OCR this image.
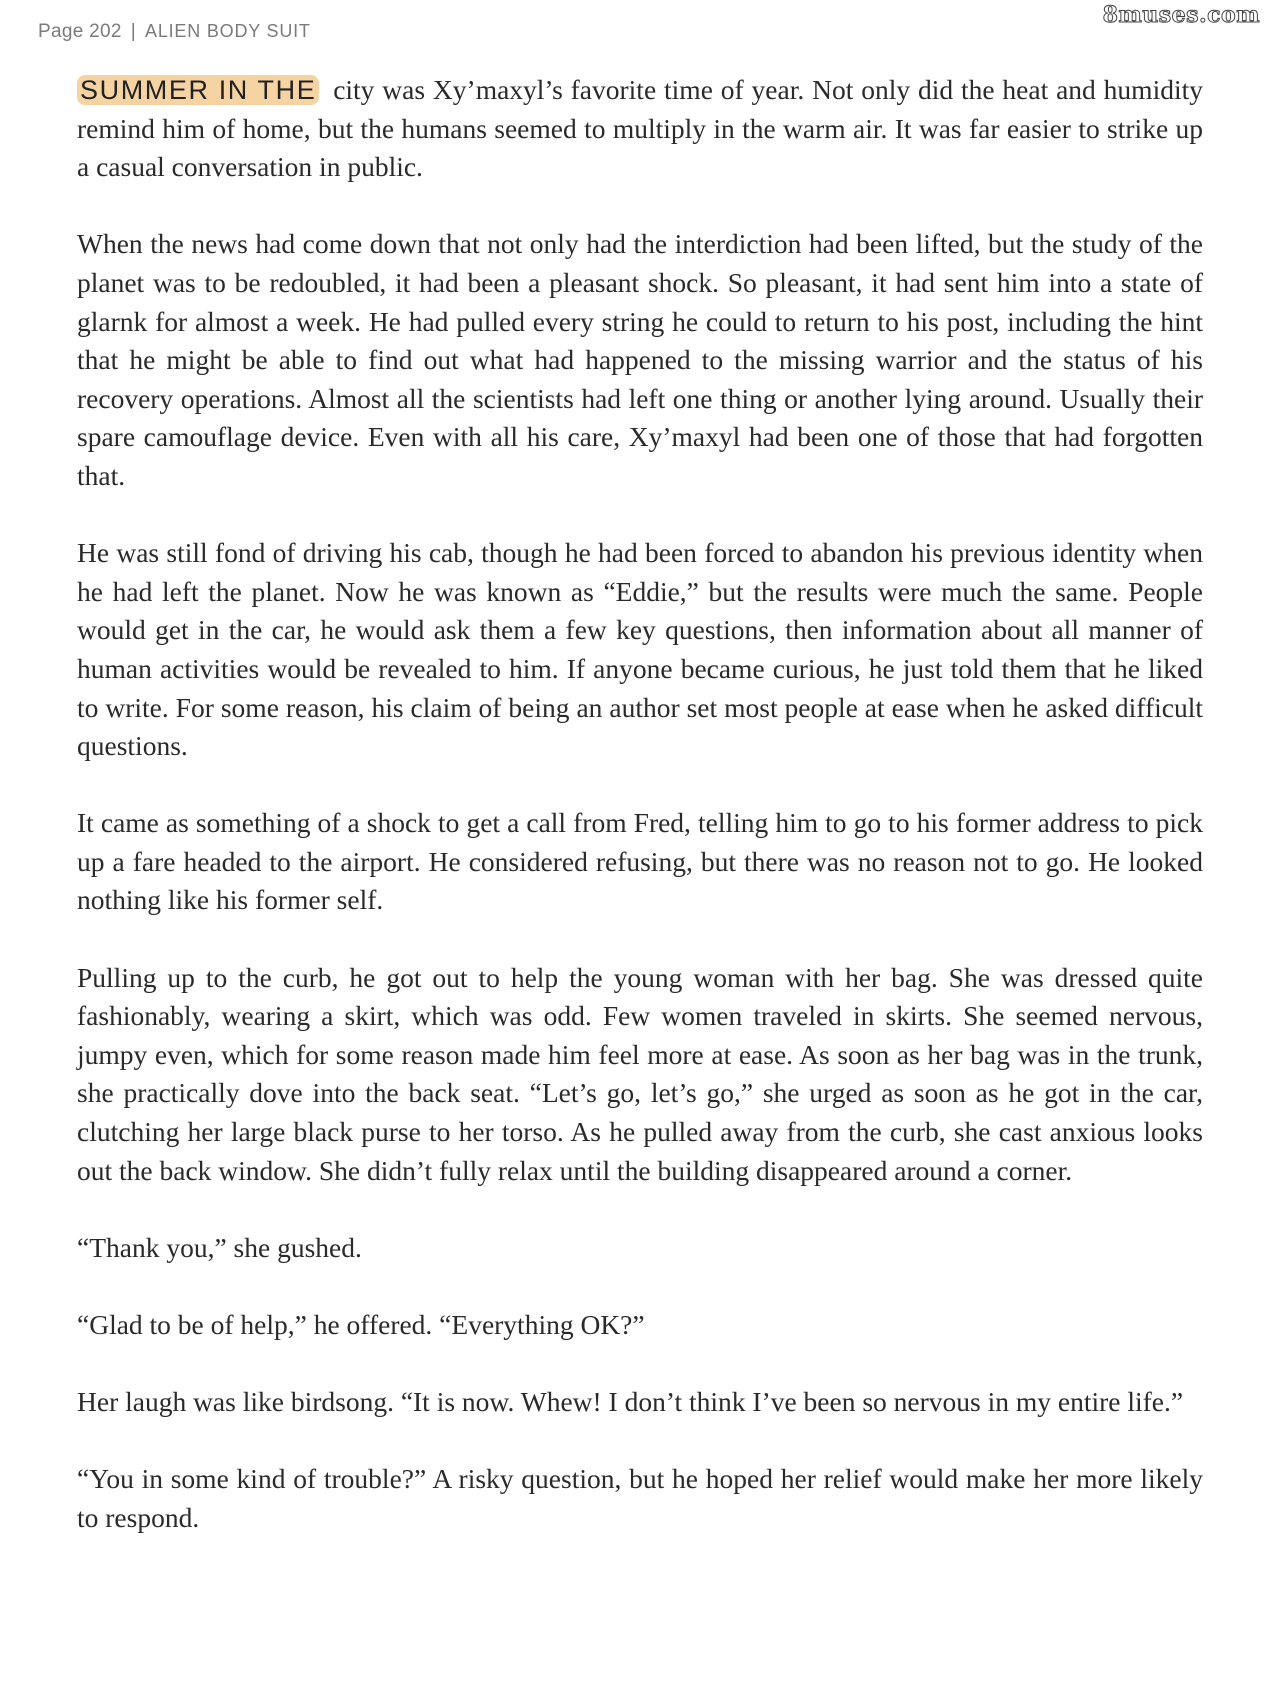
Page 202 | ALIEN BODY SUIT
8muses.com

SUMMER IN THE city was Xy’maxyl’s favorite time of year. Not only did the heat and humidity remind him of home, but the humans seemed to multiply in the warm air. It was far easier to strike up a casual conversation in public.

When the news had come down that not only had the interdiction had been lifted, but the study of the planet was to be redoubled, it had been a pleasant shock. So pleasant, it had sent him into a state of glarnk for almost a week. He had pulled every string he could to return to his post, including the hint that he might be able to find out what had happened to the missing warrior and the status of his recovery operations. Almost all the scientists had left one thing or another lying around. Usually their spare camouflage device. Even with all his care, Xy’maxyl had been one of those that had forgotten that.

He was still fond of driving his cab, though he had been forced to abandon his previous identity when he had left the planet. Now he was known as “Eddie,” but the results were much the same. People would get in the car, he would ask them a few key questions, then information about all manner of human activities would be revealed to him. If anyone became curious, he just told them that he liked to write. For some reason, his claim of being an author set most people at ease when he asked difficult questions.

It came as something of a shock to get a call from Fred, telling him to go to his former address to pick up a fare headed to the airport. He considered refusing, but there was no reason not to go. He looked nothing like his former self.

Pulling up to the curb, he got out to help the young woman with her bag. She was dressed quite fashionably, wearing a skirt, which was odd. Few women traveled in skirts. She seemed nervous, jumpy even, which for some reason made him feel more at ease. As soon as her bag was in the trunk, she practically dove into the back seat. “Let’s go, let’s go,” she urged as soon as he got in the car, clutching her large black purse to her torso. As he pulled away from the curb, she cast anxious looks out the back window. She didn’t fully relax until the building disappeared around a corner.

“Thank you,” she gushed.

“Glad to be of help,” he offered. “Everything OK?”

Her laugh was like birdsong. “It is now. Whew! I don’t think I’ve been so nervous in my entire life.”

“You in some kind of trouble?” A risky question, but he hoped her relief would make her more likely to respond.
